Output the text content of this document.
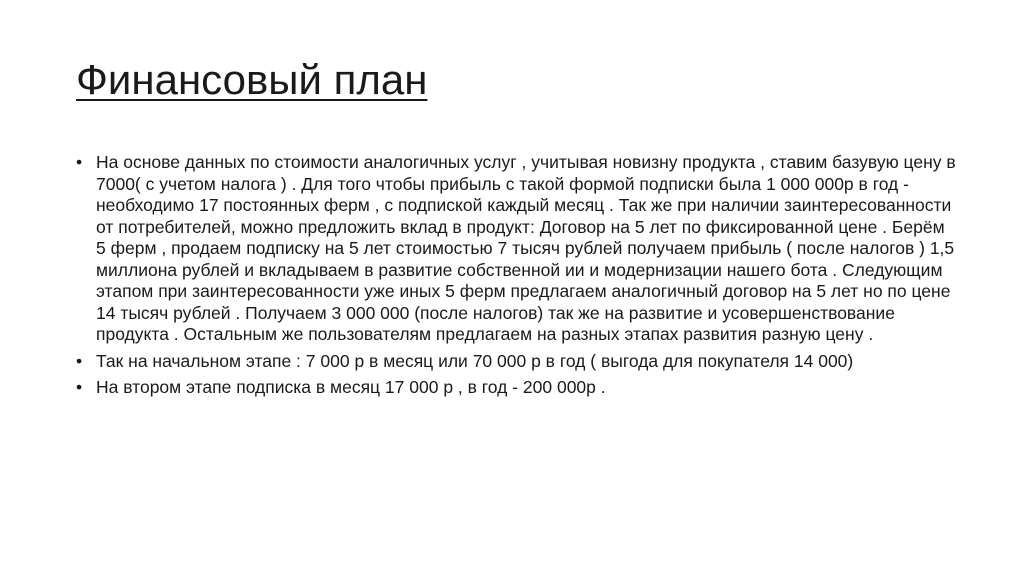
Финансовый план
• На основе данных по стоимости аналогичных услуг , учитывая новизну продукта , ставим базувую цену в 7000( с учетом налога ) . Для того чтобы прибыль с такой формой подписки была 1 000 000р в год - необходимо 17 постоянных ферм , с подпиской каждый месяц . Так же при наличии заинтересованности от потребителей, можно предложить вклад в продукт: Договор на 5 лет по фиксированной цене . Берём 5 ферм , продаем подписку на 5 лет стоимостью 7 тысяч рублей получаем прибыль ( после налогов ) 1,5 миллиона рублей и вкладываем в развитие собственной ии и модернизации нашего бота . Следующим этапом при заинтересованности уже иных 5 ферм предлагаем аналогичный договор на 5 лет но по цене 14 тысяч рублей . Получаем 3 000 000 (после налогов) так же на развитие и усовершенствование продукта . Остальным же пользователям предлагаем на разных этапах развития разную цену .
• Так на начальном этапе : 7 000 р в месяц или 70 000 р в год ( выгода для покупателя 14 000)
• На втором этапе подписка в месяц 17 000 р , в год - 200 000р .
